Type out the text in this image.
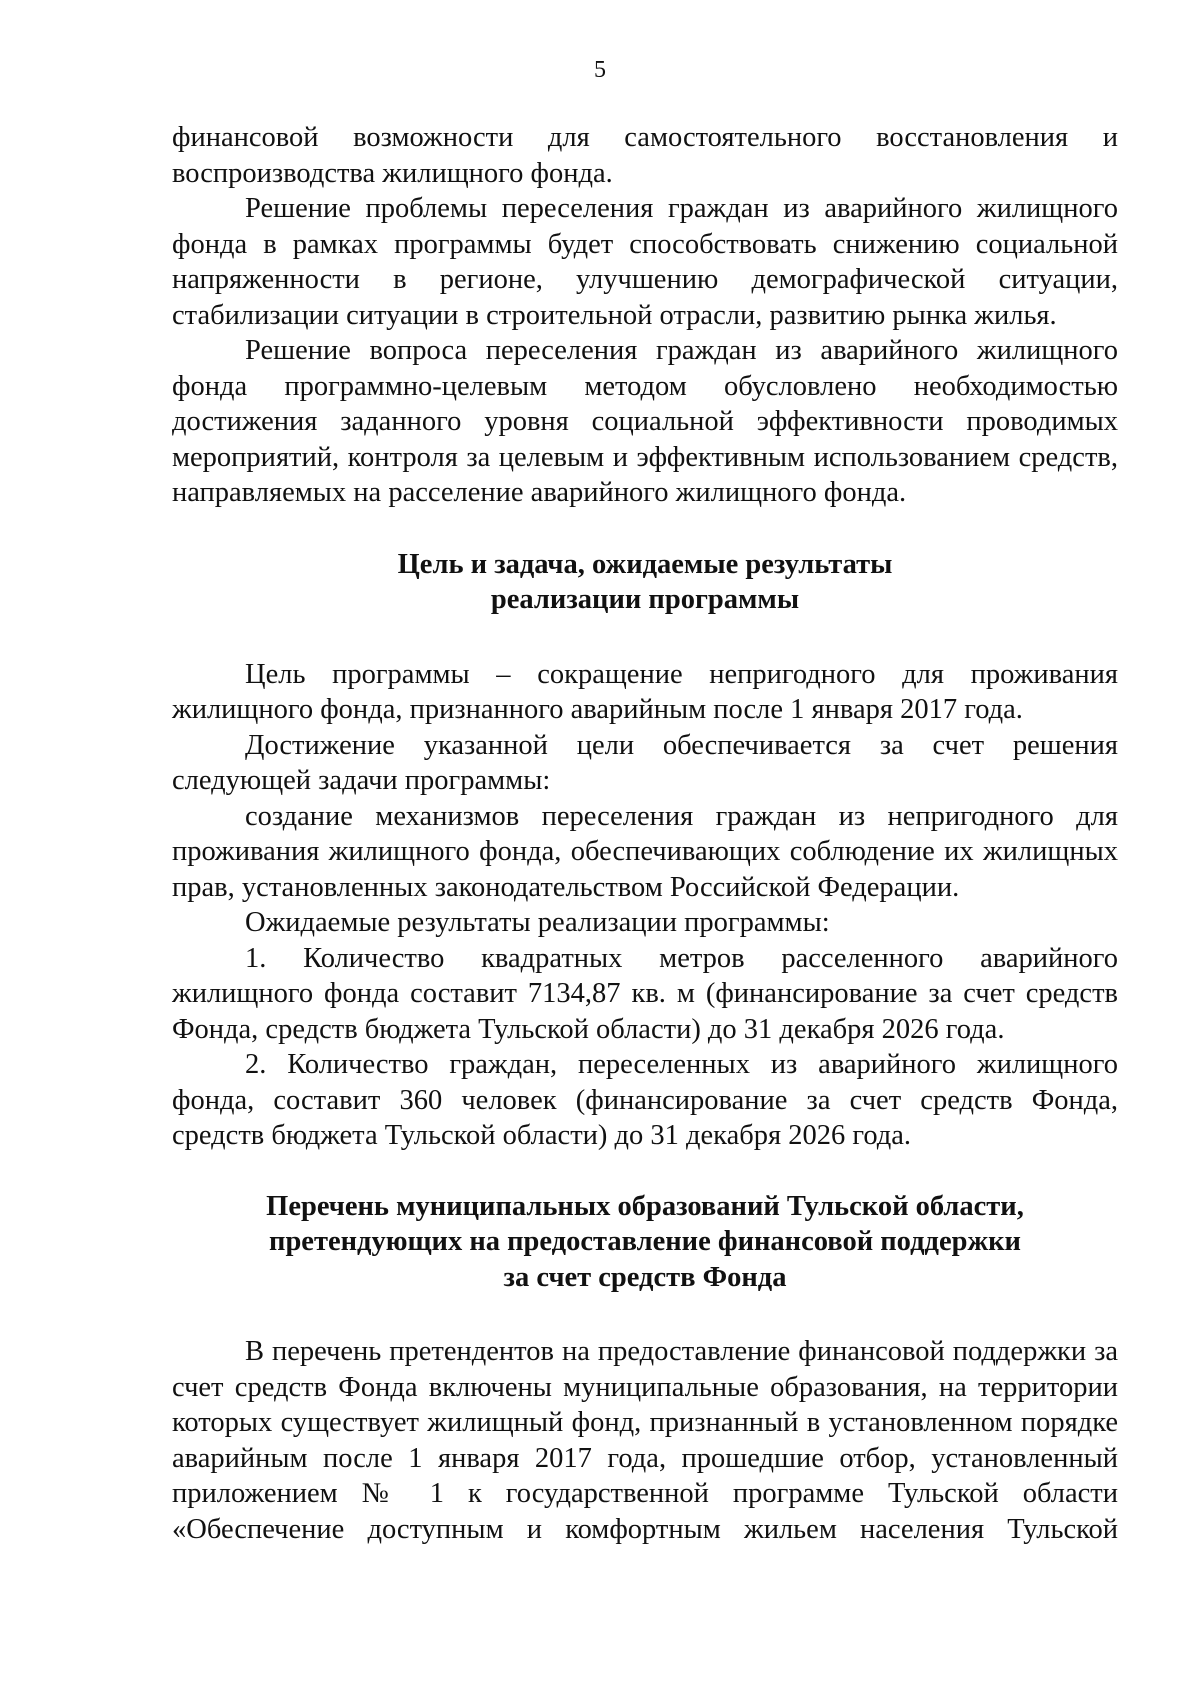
5

финансовой возможности для самостоятельного восстановления и воспроизводства жилищного фонда.

Решение проблемы переселения граждан из аварийного жилищного фонда в рамках программы будет способствовать снижению социальной напряженности в регионе, улучшению демографической ситуации, стабилизации ситуации в строительной отрасли, развитию рынка жилья.

Решение вопроса переселения граждан из аварийного жилищного фонда программно-целевым методом обусловлено необходимостью достижения заданного уровня социальной эффективности проводимых мероприятий, контроля за целевым и эффективным использованием средств, направляемых на расселение аварийного жилищного фонда.

Цель и задача, ожидаемые результаты
реализации программы

Цель программы – сокращение непригодного для проживания жилищного фонда, признанного аварийным после 1 января 2017 года.

Достижение указанной цели обеспечивается за счет решения следующей задачи программы:

создание механизмов переселения граждан из непригодного для проживания жилищного фонда, обеспечивающих соблюдение их жилищных прав, установленных законодательством Российской Федерации.

Ожидаемые результаты реализации программы:

1. Количество квадратных метров расселенного аварийного жилищного фонда составит 7134,87 кв. м (финансирование за счет средств Фонда, средств бюджета Тульской области) до 31 декабря 2026 года.

2. Количество граждан, переселенных из аварийного жилищного фонда, составит 360 человек (финансирование за счет средств Фонда, средств бюджета Тульской области) до 31 декабря 2026 года.

Перечень муниципальных образований Тульской области,
претендующих на предоставление финансовой поддержки
за счет средств Фонда

В перечень претендентов на предоставление финансовой поддержки за счет средств Фонда включены муниципальные образования, на территории которых существует жилищный фонд, признанный в установленном порядке аварийным после 1 января 2017 года, прошедшие отбор, установленный приложением № 1 к государственной программе Тульской области «Обеспечение доступным и комфортным жильем населения Тульской
